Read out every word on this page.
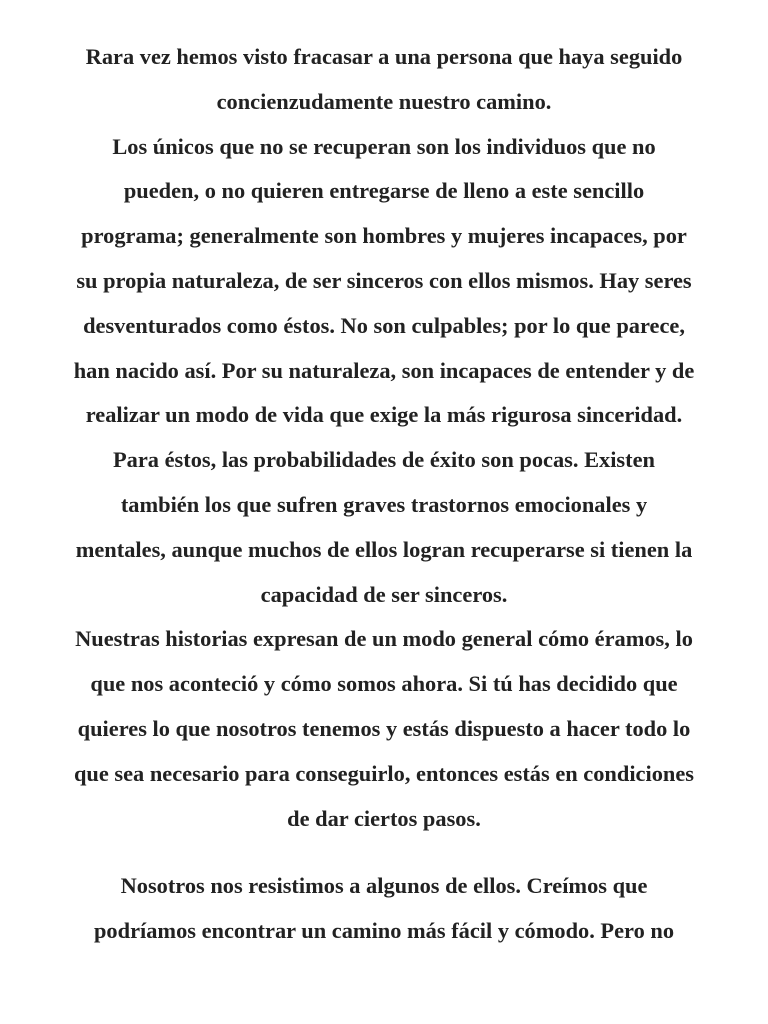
Rara vez hemos visto fracasar a una persona que haya seguido
concienzudamente nuestro camino.
Los únicos que no se recuperan son los individuos que no
pueden, o no quieren entregarse de lleno a este sencillo
programa; generalmente son hombres y mujeres incapaces, por
su propia naturaleza, de ser sinceros con ellos mismos. Hay seres
desventurados como éstos. No son culpables; por lo que parece,
han nacido así. Por su naturaleza, son incapaces de entender y de
realizar un modo de vida que exige la más rigurosa sinceridad.
Para éstos, las probabilidades de éxito son pocas. Existen
también los que sufren graves trastornos emocionales y
mentales, aunque muchos de ellos logran recuperarse si tienen la
capacidad de ser sinceros.
Nuestras historias expresan de un modo general cómo éramos, lo
que nos aconteció y cómo somos ahora. Si tú has decidido que
quieres lo que nosotros tenemos y estás dispuesto a hacer todo lo
que sea necesario para conseguirlo, entonces estás en condiciones
de dar ciertos pasos.
Nosotros nos resistimos a algunos de ellos. Creímos que
podríamos encontrar un camino más fácil y cómodo. Pero no
